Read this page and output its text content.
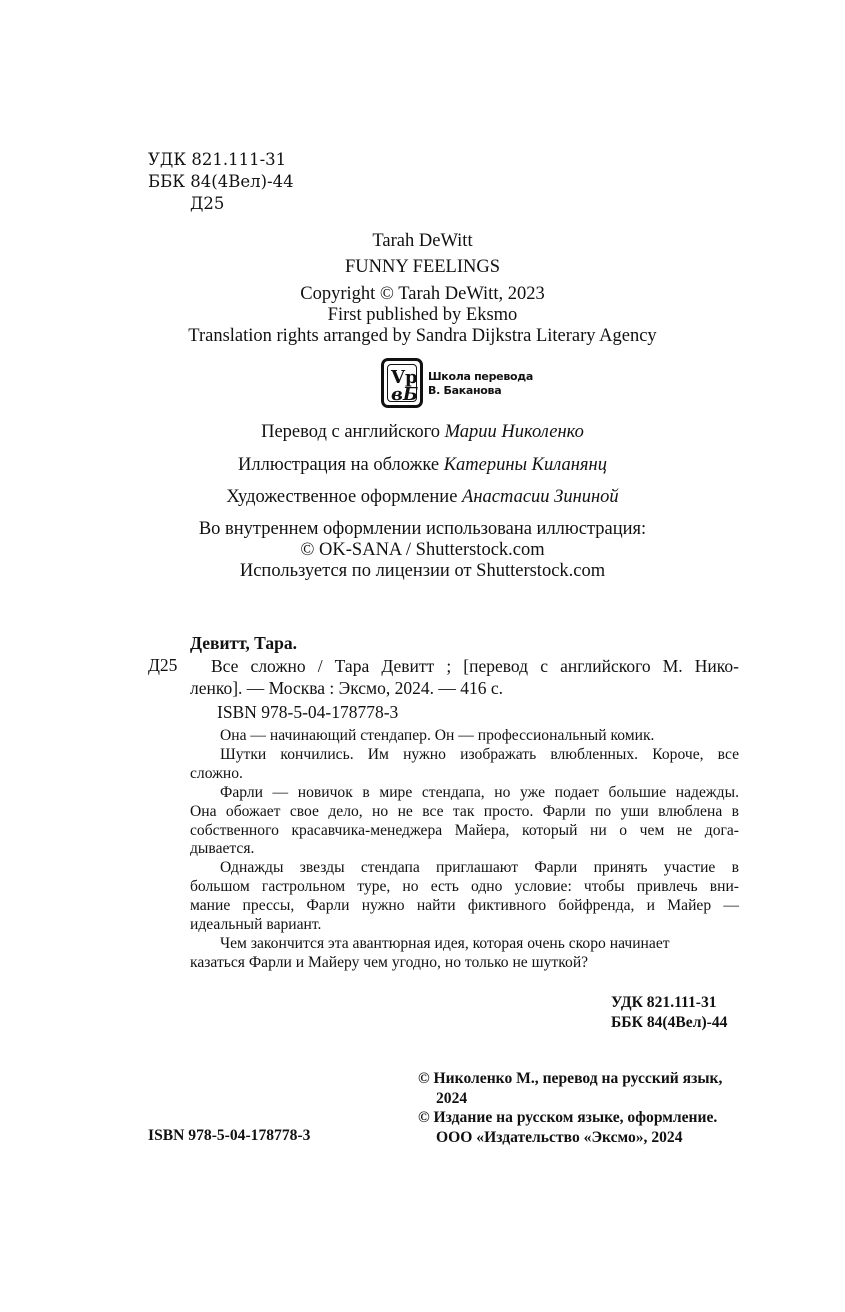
УДК 821.111-31
ББК 84(4Вел)-44
Д25
Tarah DeWitt
FUNNY FEELINGS
Copyright © Tarah DeWitt, 2023
First published by Eksmo
Translation rights arranged by Sandra Dijkstra Literary Agency
Vр
вБ
Школа перевода
В. Баканова
Перевод с английского Марии Николенко
Иллюстрация на обложке Катерины Киланянц
Художественное оформление Анастасии Зининой
Во внутреннем оформлении использована иллюстрация:
© OK-SANA / Shutterstock.com
Используется по лицензии от Shutterstock.com
Девитт, Тара.
Д25 Все сложно / Тара Девитт ; [перевод с английского М. Нико-
ленко]. — Москва : Эксмо, 2024. — 416 с.
ISBN 978-5-04-178778-3
Она — начинающий стендапер. Он — профессиональный комик.
Шутки кончились. Им нужно изображать влюбленных. Короче, все
сложно.
Фарли — новичок в мире стендапа, но уже подает большие надежды.
Она обожает свое дело, но не все так просто. Фарли по уши влюблена в
собственного красавчика-менеджера Майера, который ни о чем не дога-
дывается.
Однажды звезды стендапа приглашают Фарли принять участие в
большом гастрольном туре, но есть одно условие: чтобы привлечь вни-
мание прессы, Фарли нужно найти фиктивного бойфренда, и Майер —
идеальный вариант.
Чем закончится эта авантюрная идея, которая очень скоро начинает
казаться Фарли и Майеру чем угодно, но только не шуткой?
УДК 821.111-31
ББК 84(4Вел)-44
© Николенко М., перевод на русский язык,
2024
© Издание на русском языке, оформление.
ООО «Издательство «Эксмо», 2024
ISBN 978-5-04-178778-3
